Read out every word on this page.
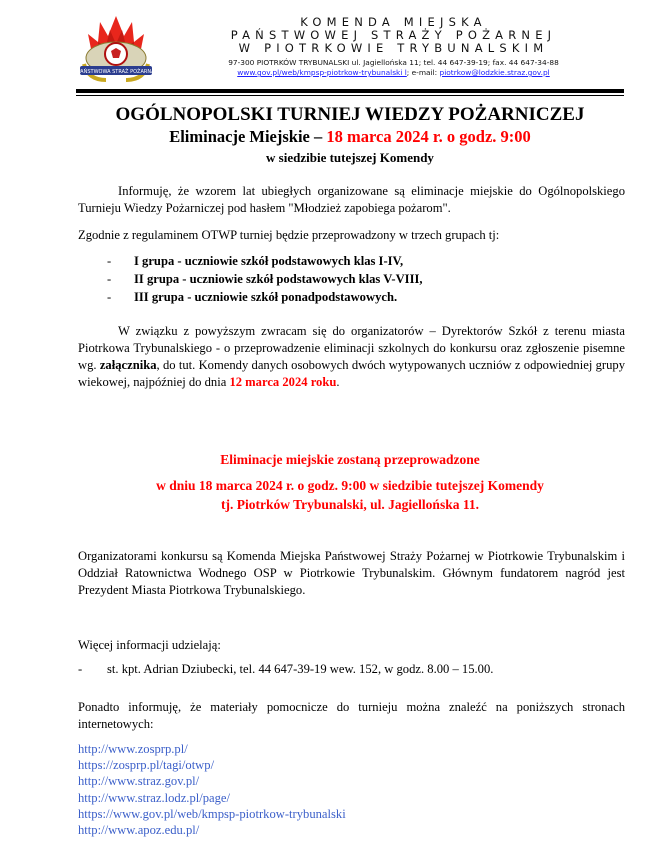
PAŃSTWOWA STRAŻ POŻARNA
KOMENDA MIEJSKA
PAŃSTWOWEJ STRAŻY POŻARNEJ
W PIOTRKOWIE TRYBUNALSKIM
97-300 PIOTRKÓW TRYBUNALSKI ul. Jagiellońska 11; tel. 44 647-39-19; fax. 44 647-34-88
www.gov.pl/web/kmpsp-piotrkow-trybunalski l; e-mail: piotrkow@lodzkie.straz.gov.pl
OGÓLNOPOLSKI TURNIEJ WIEDZY POŻARNICZEJ
Eliminacje Miejskie – 18 marca 2024 r. o godz. 9:00
w siedzibie tutejszej Komendy
Informuję, że wzorem lat ubiegłych organizowane są eliminacje miejskie do Ogólnopolskiego Turnieju Wiedzy Pożarniczej pod hasłem "Młodzież zapobiega pożarom".
Zgodnie z regulaminem OTWP turniej będzie przeprowadzony w trzech grupach tj:
-	I grupa - uczniowie szkół podstawowych klas I-IV,
-	II grupa - uczniowie szkół podstawowych klas V-VIII,
-	III grupa - uczniowie szkół ponadpodstawowych.
W związku z powyższym zwracam się do organizatorów – Dyrektorów Szkół z terenu miasta Piotrkowa Trybunalskiego - o przeprowadzenie eliminacji szkolnych do konkursu oraz zgłoszenie pisemne wg. załącznika, do tut. Komendy danych osobowych dwóch wytypowanych uczniów z odpowiedniej grupy wiekowej, najpóźniej do dnia 12 marca 2024 roku.
Eliminacje miejskie zostaną przeprowadzone
w dniu 18 marca 2024 r. o godz. 9:00 w siedzibie tutejszej Komendy
tj. Piotrków Trybunalski, ul. Jagiellońska 11.
Organizatorami konkursu są Komenda Miejska Państwowej Straży Pożarnej w Piotrkowie Trybunalskim i Oddział Ratownictwa Wodnego OSP w Piotrkowie Trybunalskim. Głównym fundatorem nagród jest Prezydent Miasta Piotrkowa Trybunalskiego.
Więcej informacji udzielają:
-	st. kpt. Adrian Dziubecki, tel. 44 647-39-19 wew. 152, w godz. 8.00 – 15.00.
Ponadto informuję, że materiały pomocnicze do turnieju można znaleźć na poniższych stronach internetowych:
http://www.zosprp.pl/
https://zosprp.pl/tagi/otwp/
http://www.straz.gov.pl/
http://www.straz.lodz.pl/page/
https://www.gov.pl/web/kmpsp-piotrkow-trybunalski
http://www.apoz.edu.pl/
